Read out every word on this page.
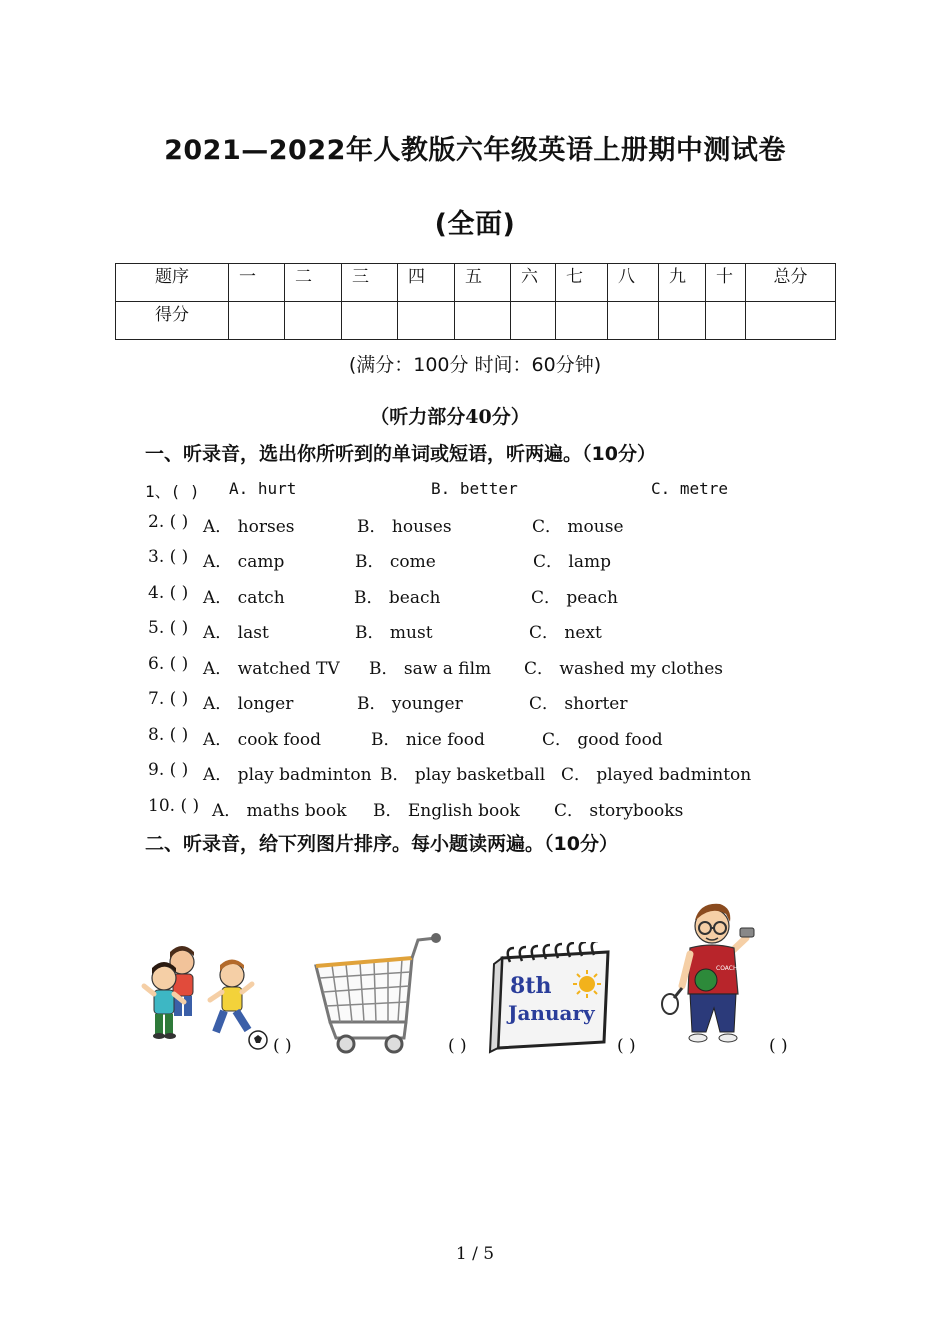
2021—2022年人教版六年级英语上册期中测试卷
(全面)
题序	一	二	三	四	五	六	七	八	九	十	总分
得分											
(满分：100分 时间：60分钟)
（听力部分40分）
一、听录音，选出你所听到的单词或短语，听两遍。（10分）
1、( ) A. hurt	B. better	C. metre
2. ( ) A． horses	B． houses	C． mouse
3. ( ) A． camp	B． come	C． lamp
4. ( ) A． catch	B． beach	C． peach
5. ( ) A． last	B． must	C． next
6. ( ) A． watched TV B． saw a film C． washed my clothes
7. ( ) A． longer	B． younger	C． shorter
8. ( ) A． cook food	B． nice food	C． good food
9. ( ) A． play badminton B． play basketball C． played badminton
10. ( ) A． maths book B． English book C． storybooks
二、听录音，给下列图片排序。每小题读两遍。（10分）
( )	( )
8th
January
( )
COACH
( )
1 / 5
